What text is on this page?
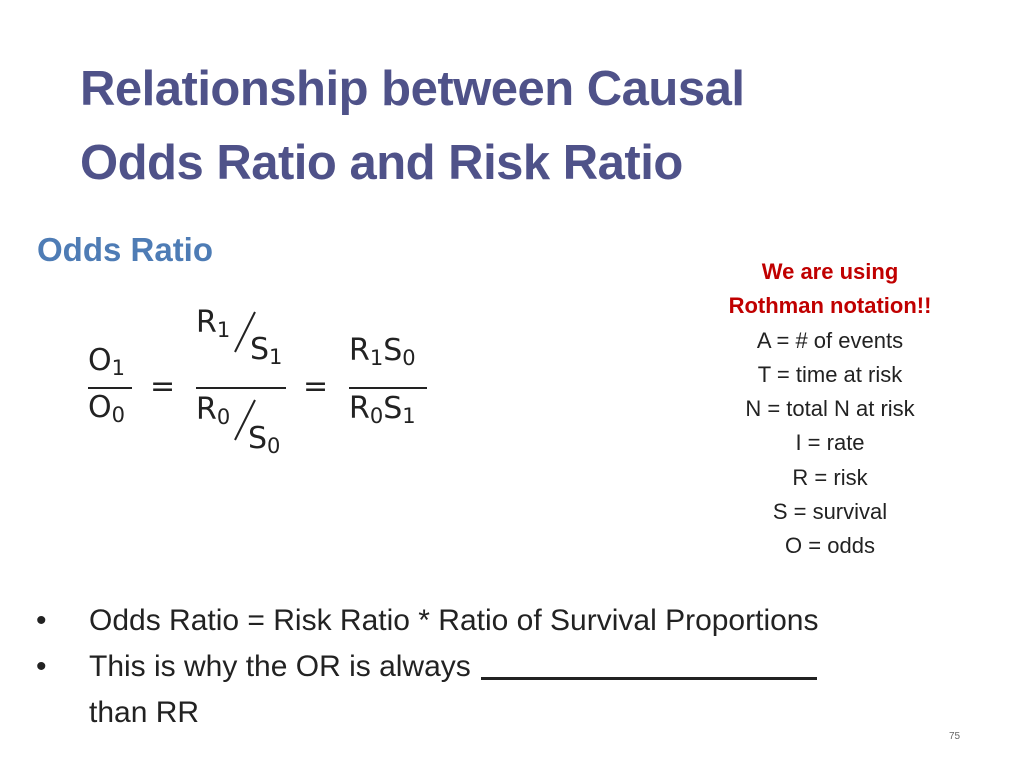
Relationship between Causal
Odds Ratio and Risk Ratio
Odds Ratio
$O_1$
$O_0$
=
$R_1$
$S_1$
$R_0$
$S_0$
=
$R_1S_0$
$R_0S_1$
We are using
Rothman notation!!
A = # of events
T = time at risk
N = total N at risk
I = rate
R = risk
S = survival
O = odds
• Odds Ratio = Risk Ratio * Ratio of Survival Proportions
• This is why the OR is always
than RR
75
